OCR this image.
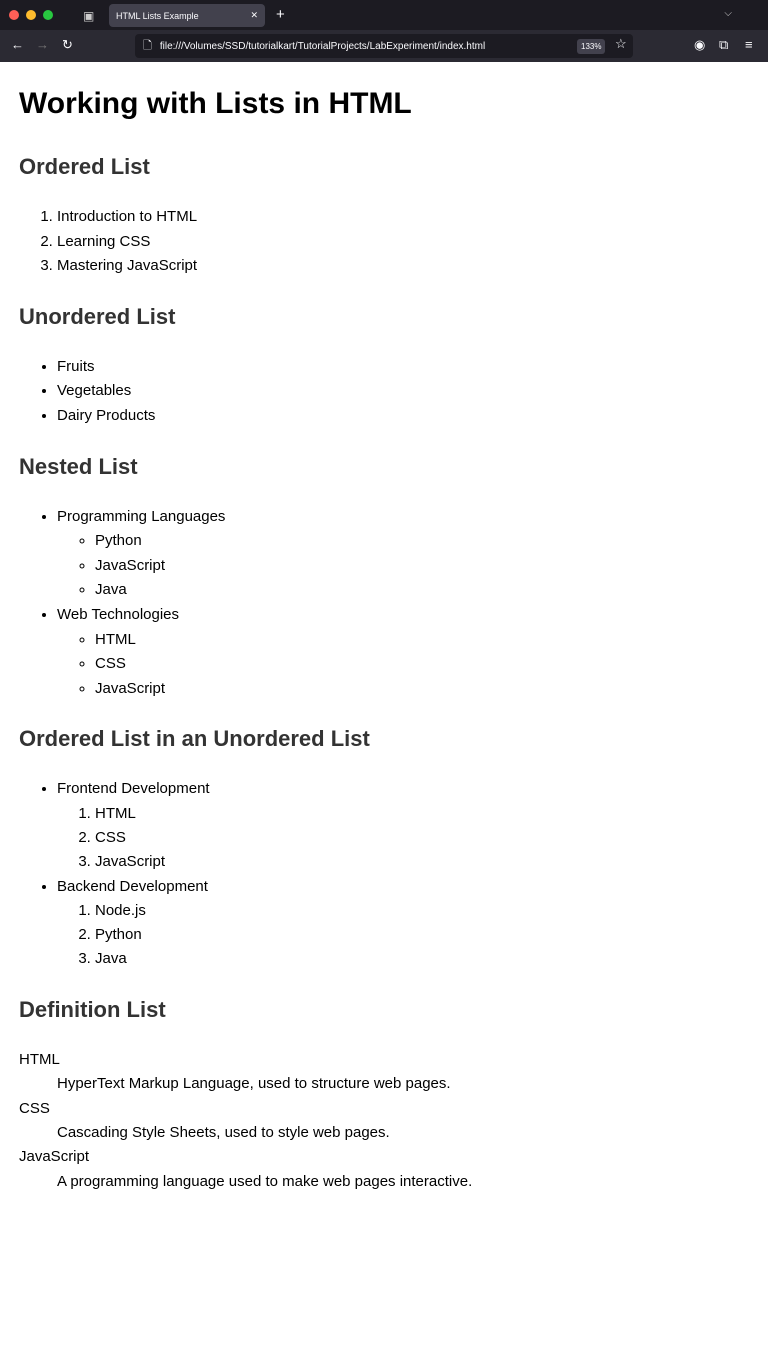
▣ HTML Lists Example	✕ +	⌵
← → ↻	🗋 file:///Volumes/SSD/tutorialkart/TutorialProjects/LabExperiment/index.html	133%	☆	◉ ⧉ ≡
Working with Lists in HTML
Ordered List
1. Introduction to HTML
2. Learning CSS
3. Mastering JavaScript
Unordered List
• Fruits
• Vegetables
• Dairy Products
Nested List
• Programming Languages
◦ Python
◦ JavaScript
◦ Java
• Web Technologies
◦ HTML
◦ CSS
◦ JavaScript
Ordered List in an Unordered List
• Frontend Development
1. HTML
2. CSS
3. JavaScript
• Backend Development
1. Node.js
2. Python
3. Java
Definition List
HTML
HyperText Markup Language, used to structure web pages.
CSS
Cascading Style Sheets, used to style web pages.
JavaScript
A programming language used to make web pages interactive.
